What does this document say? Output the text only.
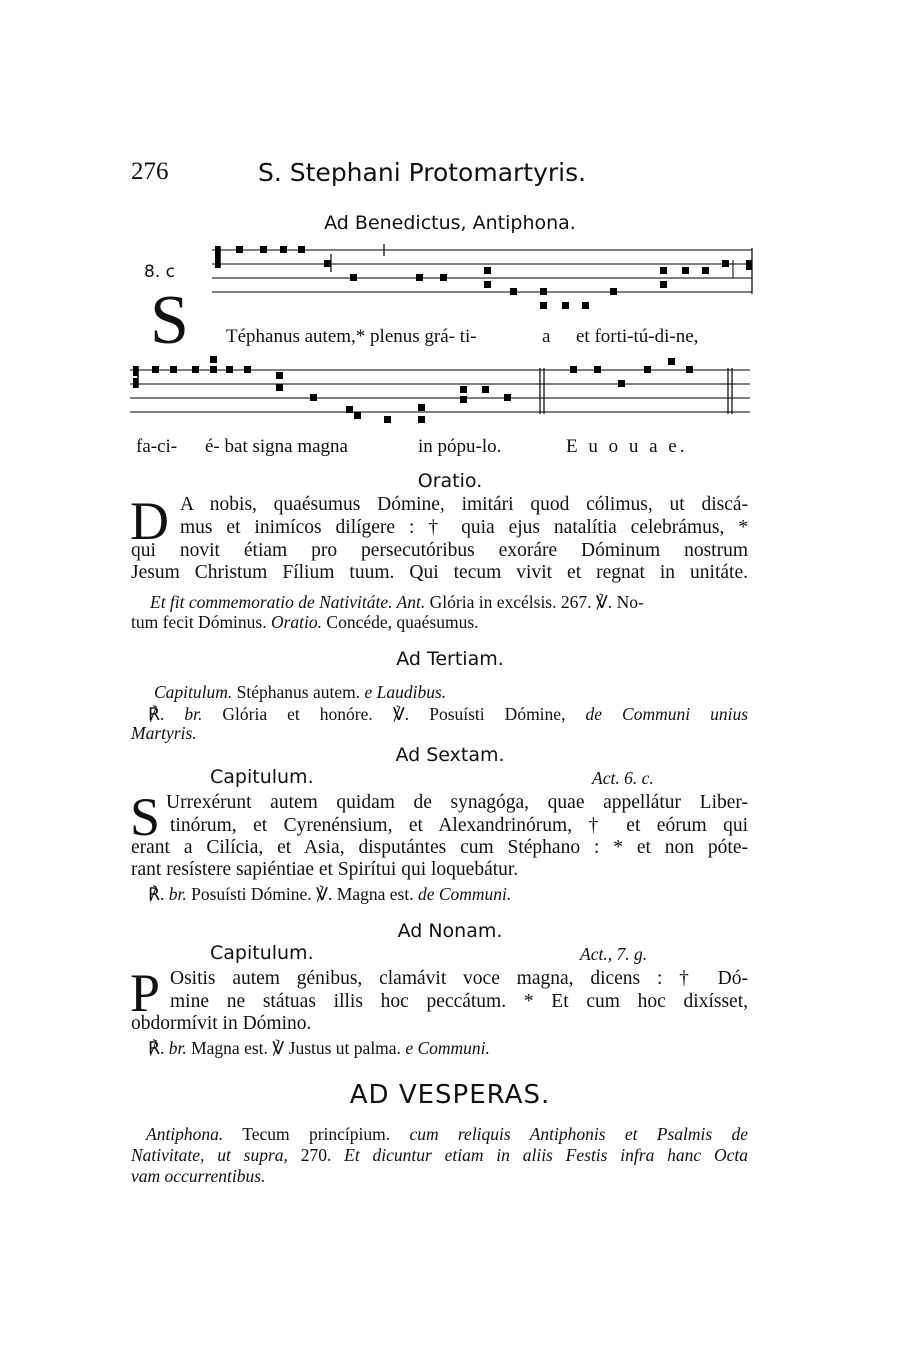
276	S. Stephani Protomartyris.
Ad Benedictus, Antiphona.
8. c
S Téphanus autem,* plenus grá- ti-	a et forti-tú-di-ne,
fa-ci- é- bat signa magna	in pópu-lo.	E u o u a e.
Oratio.
D A nobis, quaésumus Dómine, imitári quod cólimus, ut discá-
mus et inimícos dilígere : † quia ejus natalítia celebrámus, *
qui novit étiam pro persecutóribus exoráre Dóminum nostrum
Jesum Christum Fílium tuum. Qui tecum vivit et regnat in unitáte.
Et fit commemoratio de Nativitáte. Ant. Glória in excélsis. 267. ℣. No-
tum fecit Dóminus. Oratio. Concéde, quaésumus.
Ad Tertiam.
Capitulum. Stéphanus autem. e Laudibus.
℟. br. Glória et honóre. ℣. Posuísti Dómine, de Communi unius
Martyris.
Ad Sextam.
Capitulum.	Act. 6. c.
S Urrexérunt autem quidam de synagóga, quae appellátur Liber-
tinórum, et Cyrenénsium, et Alexandrinórum, † et eórum qui
erant a Cilícia, et Asia, disputántes cum Stéphano : * et non póte-
rant resístere sapiéntiae et Spirítui qui loquebátur.
℟. br. Posuísti Dómine. ℣. Magna est. de Communi.
Ad Nonam.
Capitulum.	Act., 7. g.
P Ositis autem génibus, clamávit voce magna, dicens : † Dó-
mine ne státuas illis hoc peccátum. * Et cum hoc dixísset,
obdormívit in Dómino.
℟. br. Magna est. ℣ Justus ut palma. e Communi.
AD VESPERAS.
Antiphona. Tecum princípium. cum reliquis Antiphonis et Psalmis de
Nativitate, ut supra, 270. Et dicuntur etiam in aliis Festis infra hanc Octa
vam occurrentibus.
